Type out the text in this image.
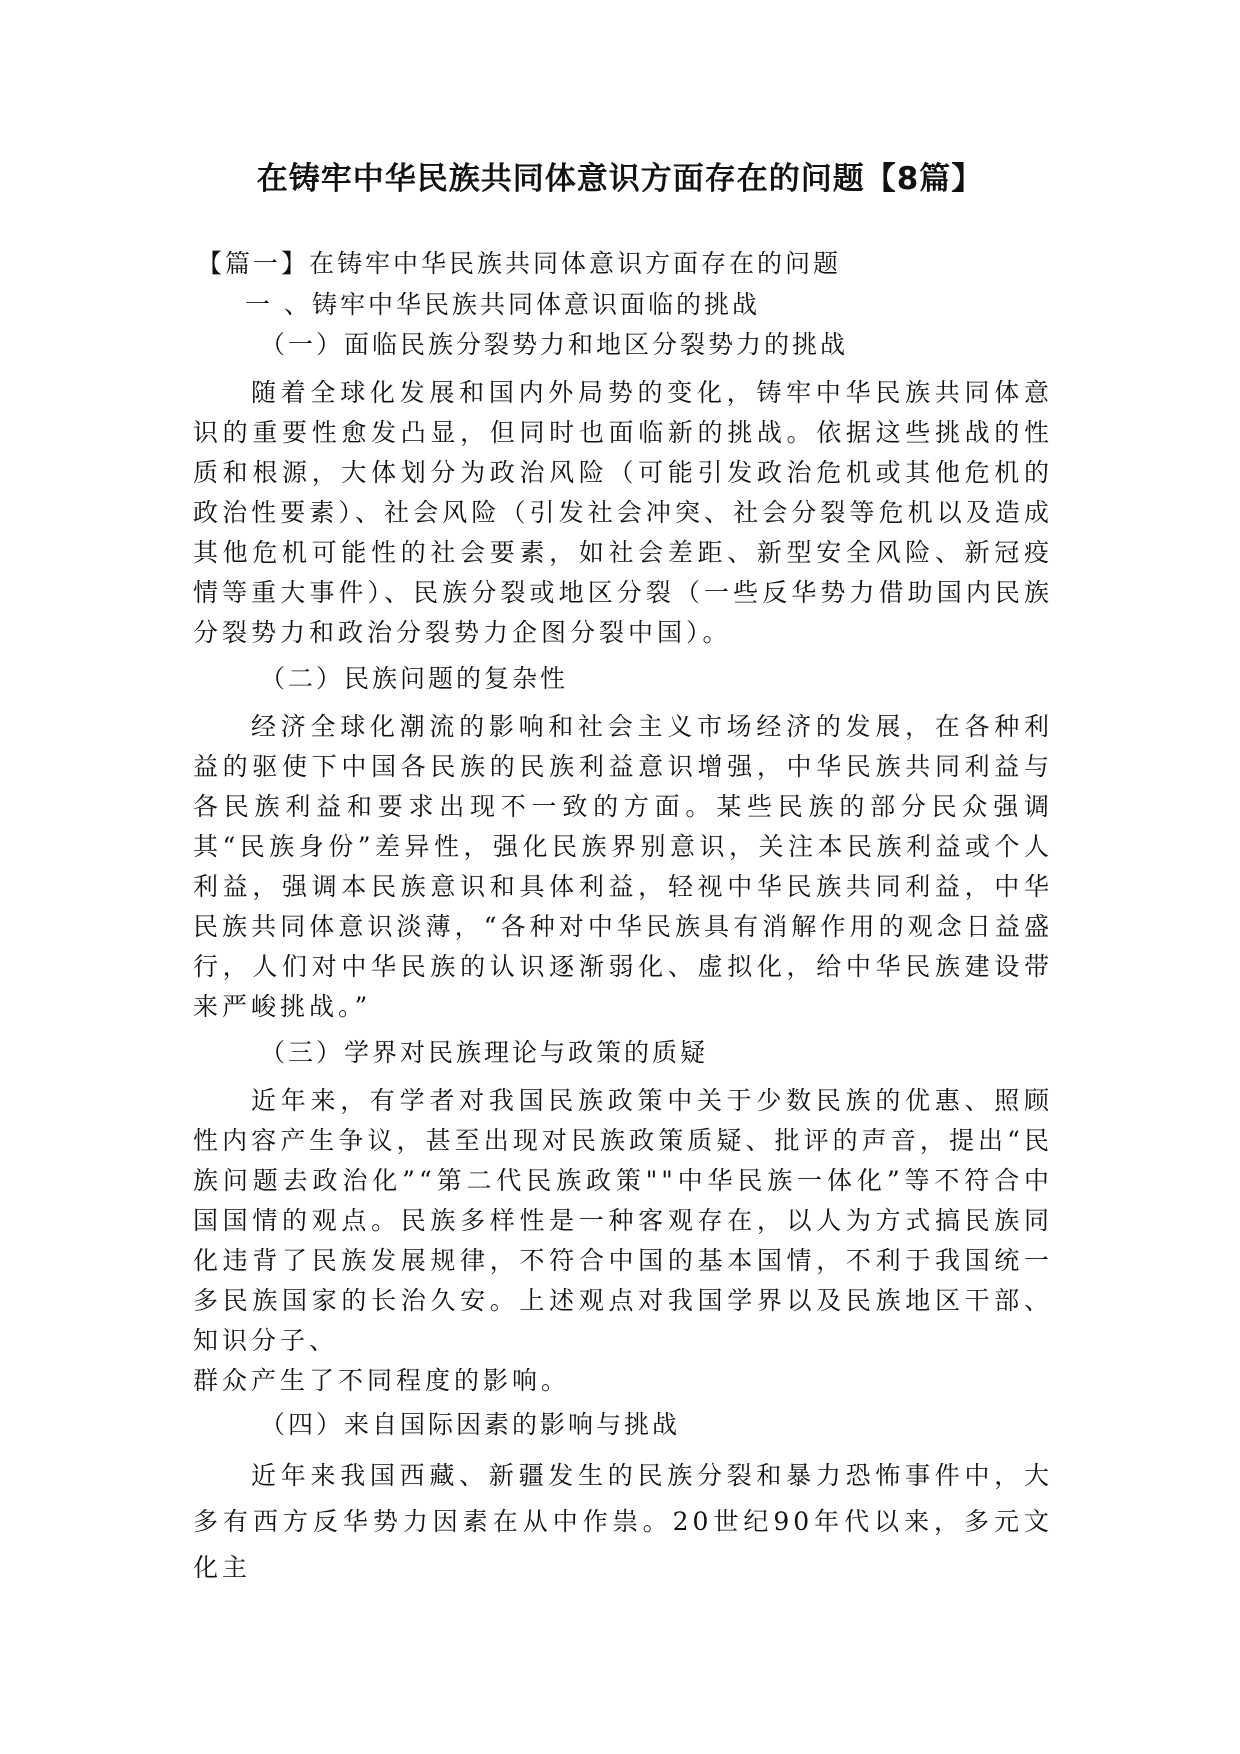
在铸牢中华民族共同体意识方面存在的问题【8篇】
【篇一】在铸牢中华民族共同体意识方面存在的问题
一 、铸牢中华民族共同体意识面临的挑战
（一）面临民族分裂势力和地区分裂势力的挑战

随着全球化发展和国内外局势的变化，铸牢中华民族共同体意识的重要性愈发凸显，但同时也面临新的挑战。依据这些挑战的性质和根源，大体划分为政治风险（可能引发政治危机或其他危机的政治性要素）、社会风险（引发社会冲突、社会分裂等危机以及造成其他危机可能性的社会要素，如社会差距、新型安全风险、新冠疫情等重大事件）、民族分裂或地区分裂（一些反华势力借助国内民族分裂势力和政治分裂势力企图分裂中国）。

（二）民族问题的复杂性

经济全球化潮流的影响和社会主义市场经济的发展，在各种利益的驱使下中国各民族的民族利益意识增强，中华民族共同利益与各民族利益和要求出现不一致的方面。某些民族的部分民众强调其“民族身份”差异性，强化民族界别意识，关注本民族利益或个人利益，强调本民族意识和具体利益，轻视中华民族共同利益，中华民族共同体意识淡薄，“各种对中华民族具有消解作用的观念日益盛行，人们对中华民族的认识逐渐弱化、虚拟化，给中华民族建设带来严峻挑战。”

（三）学界对民族理论与政策的质疑

近年来，有学者对我国民族政策中关于少数民族的优惠、照顾性内容产生争议，甚至出现对民族政策质疑、批评的声音，提出“民族问题去政治化”“第二代民族政策""中华民族一体化”等不符合中国国情的观点。民族多样性是一种客观存在，以人为方式搞民族同化违背了民族发展规律，不符合中国的基本国情，不利于我国统一多民族国家的长治久安。上述观点对我国学界以及民族地区干部、知识分子、

群众产生了不同程度的影响。
（四）来自国际因素的影响与挑战

近年来我国西藏、新疆发生的民族分裂和暴力恐怖事件中，大多有西方反华势力因素在从中作祟。20世纪90年代以来，多元文化主
